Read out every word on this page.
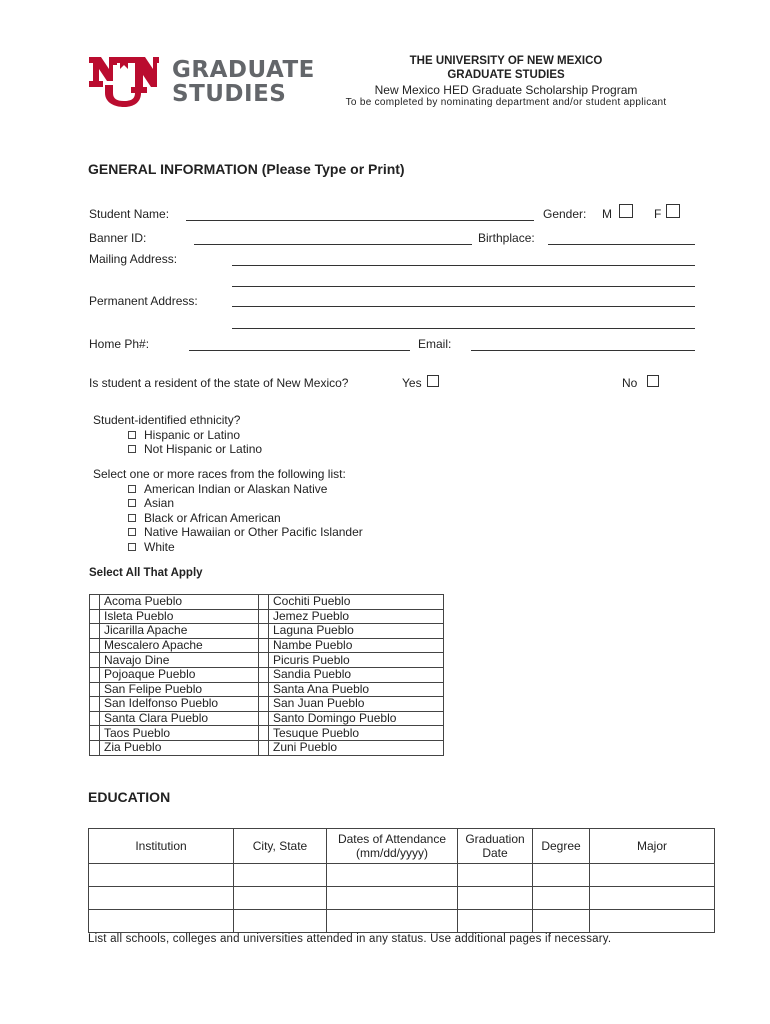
GRADUATE
STUDIES
THE UNIVERSITY OF NEW MEXICO
GRADUATE STUDIES
New Mexico HED Graduate Scholarship Program
To be completed by nominating department and/or student applicant
GENERAL INFORMATION (Please Type or Print)
Student Name:	Gender: M	F
Banner ID:	Birthplace:
Mailing Address:
Permanent Address:
Home Ph#:	Email:
Is student a resident of the state of New Mexico?	Yes	No
Student-identified ethnicity?
Hispanic or Latino
Not Hispanic or Latino
Select one or more races from the following list:
American Indian or Alaskan Native
Asian
Black or African American
Native Hawaiian or Other Pacific Islander
White
Select All That Apply
	Acoma Pueblo		Cochiti Pueblo
	Isleta Pueblo		Jemez Pueblo
	Jicarilla Apache		Laguna Pueblo
	Mescalero Apache		Nambe Pueblo
	Navajo Dine		Picuris Pueblo
	Pojoaque Pueblo		Sandia Pueblo
	San Felipe Pueblo		Santa Ana Pueblo
	San Idelfonso Pueblo		San Juan Pueblo
	Santa Clara Pueblo		Santo Domingo Pueblo
	Taos Pueblo		Tesuque Pueblo
	Zia Pueblo		Zuni Pueblo
EDUCATION
Institution	City, State	Dates of Attendance (mm/dd/yyyy)	Graduation Date	Degree	Major

List all schools, colleges and universities attended in any status. Use additional pages if necessary.
